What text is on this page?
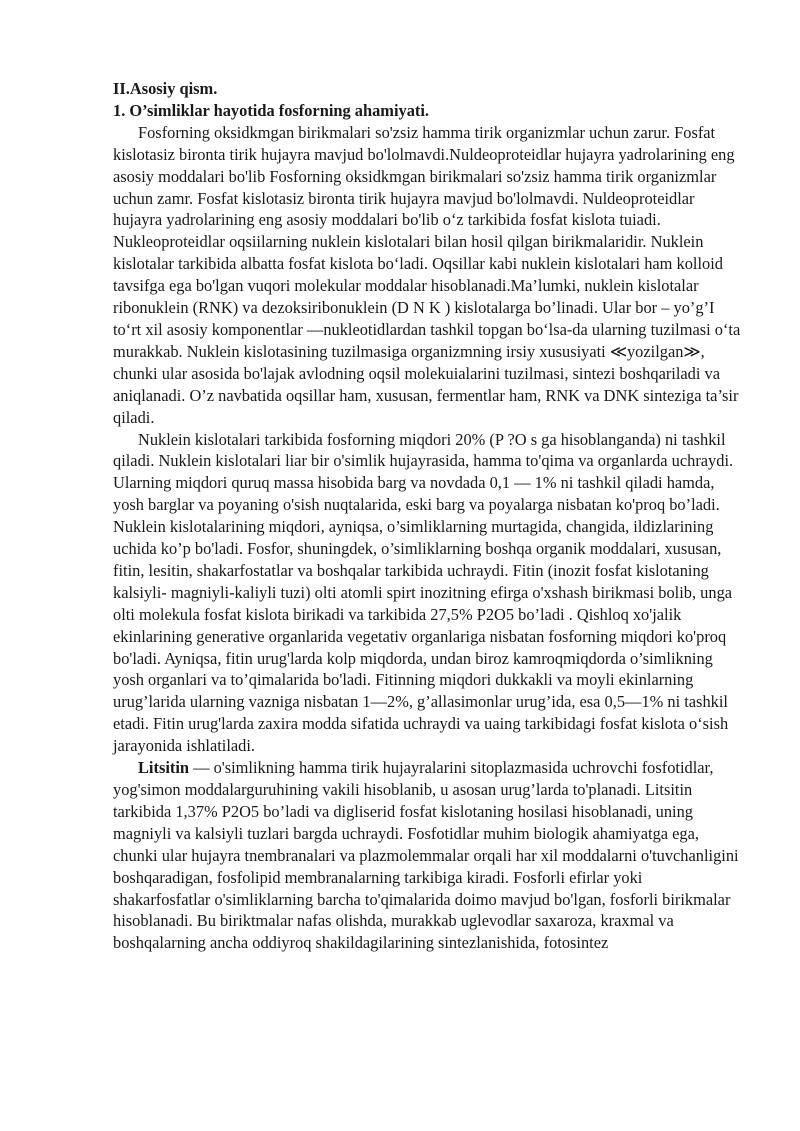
II.Asosiy qism.

1. O’simliklar hayotida fosforning ahamiyati.

Fosforning oksidkmgan birikmalari so'zsiz hamma tirik organizmlar uchun zarur. Fosfat kislotasiz bironta tirik hujayra mavjud bo'lolmavdi.Nuldeoproteidlar hujayra yadrolarining eng asosiy moddalari bo'lib Fosforning oksidkmgan birikmalari so'zsiz hamma tirik organizmlar uchun zamr. Fosfat kislotasiz bironta tirik hujayra mavjud bo'lolmavdi. Nuldeoproteidlar hujayra yadrolarining eng asosiy moddalari bo'lib o‘z tarkibida fosfat kislota tuiadi. Nukleoproteidlar oqsiilarning nuklein kislotalari bilan hosil qilgan birikmalaridir. Nuklein kislotalar tarkibida albatta fosfat kislota bo‘ladi. Oqsillar kabi nuklein kislotalari ham kolloid tavsifga ega bo'lgan vuqori molekular moddalar hisoblanadi.Ma’lumki, nuklein kislotalar ribonuklein (RNK) va dezoksiribonuklein (D N K ) kislotalarga bo’linadi. Ular bor – yo’g’I to‘rt xil asosiy komponentlar —nukleotidlardan tashkil topgan bo‘lsa-da ularning tuzilmasi o‘ta murakkab. Nuklein kislotasining tuzilmasiga organizmning irsiy xususiyati ≪yozilgan≫, chunki ular asosida bo'lajak avlodning oqsil molekuialarini tuzilmasi, sintezi boshqariladi va aniqlanadi. O’z navbatida oqsillar ham, xususan, fermentlar ham, RNK va DNK sinteziga ta’sir qiladi.

Nuklein kislotalari tarkibida fosforning miqdori 20% (P ?O s ga hisoblanganda) ni tashkil qiladi. Nuklein kislotalari liar bir o'simlik hujayrasida, hamma to'qima va organlarda uchraydi. Ularning miqdori quruq massa hisobida barg va novdada 0,1 — 1% ni tashkil qiladi hamda, yosh barglar va poyaning o'sish nuqtalarida, eski barg va poyalarga nisbatan ko'proq bo’ladi. Nuklein kislotalarining miqdori, ayniqsa, o’simliklarning murtagida, changida, ildizlarining uchida ko’p bo'ladi. Fosfor, shuningdek, o’simliklarning boshqa organik moddalari, xususan, fitin, lesitin, shakarfostatlar va boshqalar tarkibida uchraydi. Fitin (inozit fosfat kislotaning kalsiyli- magniyli-kaliyli tuzi) olti atomli spirt inozitning efirga o'xshash birikmasi bolib, unga olti molekula fosfat kislota birikadi va tarkibida 27,5% P2O5 bo’ladi . Qishloq xo'jalik ekinlarining generative organlarida vegetativ organlariga nisbatan fosforning miqdori ko'proq bo'ladi. Ayniqsa, fitin urug'larda kolp miqdorda, undan biroz kamroqmiqdorda o’simlikning yosh organlari va to’qimalarida bo'ladi. Fitinning miqdori dukkakli va moyli ekinlarning urug’larida ularning vazniga nisbatan 1—2%, g’allasimonlar urug’ida, esa 0,5—1% ni tashkil etadi. Fitin urug'larda zaxira modda sifatida uchraydi va uaing tarkibidagi fosfat kislota o‘sish jarayonida ishlatiladi.

Litsitin — o'simlikning hamma tirik hujayralarini sitoplazmasida uchrovchi fosfotidlar, yog'simon moddalarguruhining vakili hisoblanib, u asosan urug’larda to'planadi. Litsitin tarkibida 1,37% P2O5 bo’ladi va digliserid fosfat kislotaning hosilasi hisoblanadi, uning magniyli va kalsiyli tuzlari bargda uchraydi. Fosfotidlar muhim biologik ahamiyatga ega, chunki ular hujayra tnembranalari va plazmolemmalar orqali har xil moddalarni o'tuvchanligini boshqaradigan, fosfolipid membranalarning tarkibiga kiradi. Fosforli efirlar yoki shakarfosfatlar o'simliklarning barcha to'qimalarida doimo mavjud bo'lgan, fosforli birikmalar hisoblanadi. Bu biriktmalar nafas olishda, murakkab uglevodlar saxaroza, kraxmal va boshqalarning ancha oddiyroq shakildagilarining sintezlanishida, fotosintez
